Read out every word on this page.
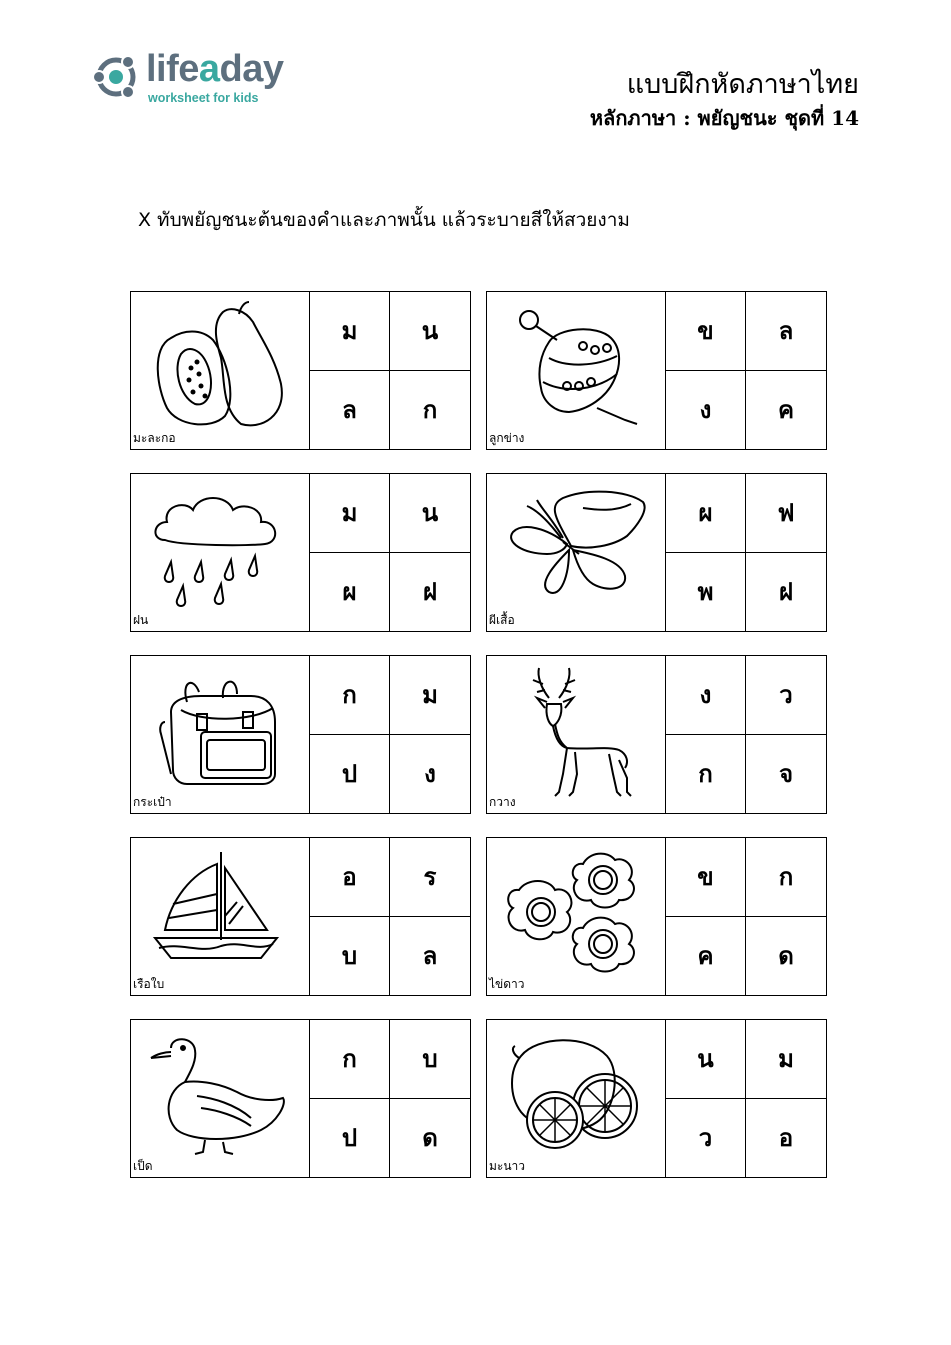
lifeaday
worksheet for kids	แบบฝึกหัดภาษาไทย
หลักภาษา : พยัญชนะ ชุดที่ 14
X ทับพยัญชนะต้นของคำและภาพนั้น แล้วระบายสีให้สวยงาม
มะละกอ
ม	น
ล	ก
ลูกข่าง
ข	ล
ง	ค
ฝน
ม	น
ผ	ฝ
ผีเสื้อ
ผ	ฟ
พ	ฝ
กระเป๋า
ก	ม
ป	ง
กวาง
ง	ว
ก	จ
เรือใบ
อ	ร
บ	ล
ไข่ดาว
ข	ก
ค	ด
เป็ด
ก	บ
ป	ด
มะนาว
น	ม
ว	อ
